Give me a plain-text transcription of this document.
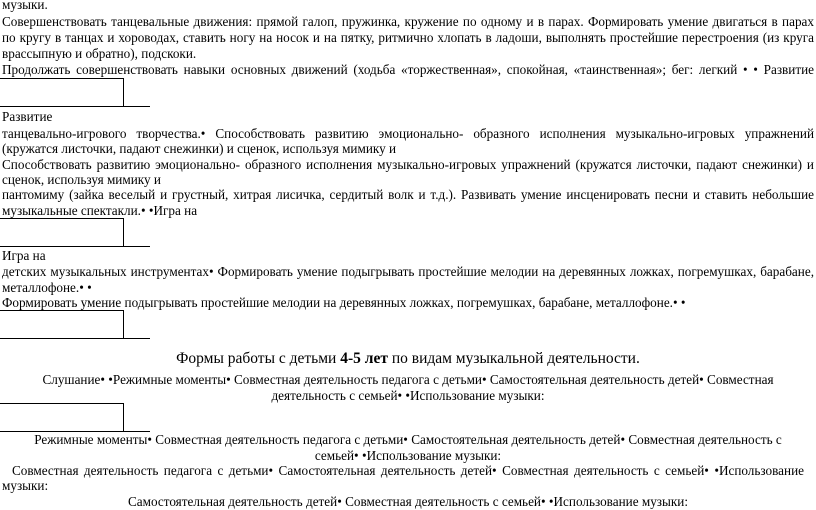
музыки.
Совершенствовать танцевальные движения: прямой галоп, пружинка, кружение по одному и в парах. Формировать умение двигаться в парах
по кругу в танцах и хороводах, ставить ногу на носок и на пятку, ритмично хлопать в ладоши, выполнять простейшие перестроения (из круга
врассыпную и обратно), подскоки.
Продолжать совершенствовать навыки основных движений (ходьба «торжественная», спокойная, «таинственная»; бег: легкий • • Развитие
Развитие
танцевально-игрового творчества.• Способствовать развитию эмоционально- образного исполнения музыкально-игровых упражнений
(кружатся листочки, падают снежинки) и сценок, используя мимику и
Способствовать развитию эмоционально- образного исполнения музыкально-игровых упражнений (кружатся листочки, падают снежинки) и
сценок, используя мимику и
пантомиму (зайка веселый и грустный, хитрая лисичка, сердитый волк и т.д.). Развивать умение инсценировать песни и ставить небольшие
музыкальные спектакли.• •Игра на
Игра на
детских музыкальных инструментах• Формировать умение подыгрывать простейшие мелодии на деревянных ложках, погремушках, барабане,
металлофоне.• •
Формировать умение подыгрывать простейшие мелодии на деревянных ложках, погремушках, барабане, металлофоне.• •
Формы работы с детьми 4-5 лет по видам музыкальной деятельности.
Слушание• •Режимные моменты• Совместная деятельность педагога с детьми• Самостоятельная деятельность детей• Совместная
деятельность с семьей• •Использование музыки:
Режимные моменты• Совместная деятельность педагога с детьми• Самостоятельная деятельность детей• Совместная деятельность с
семьей• •Использование музыки:
Совместная деятельность педагога с детьми• Самостоятельная деятельность детей• Совместная деятельность с семьей• •Использование
музыки:
Самостоятельная деятельность детей• Совместная деятельность с семьей• •Использование музыки:
